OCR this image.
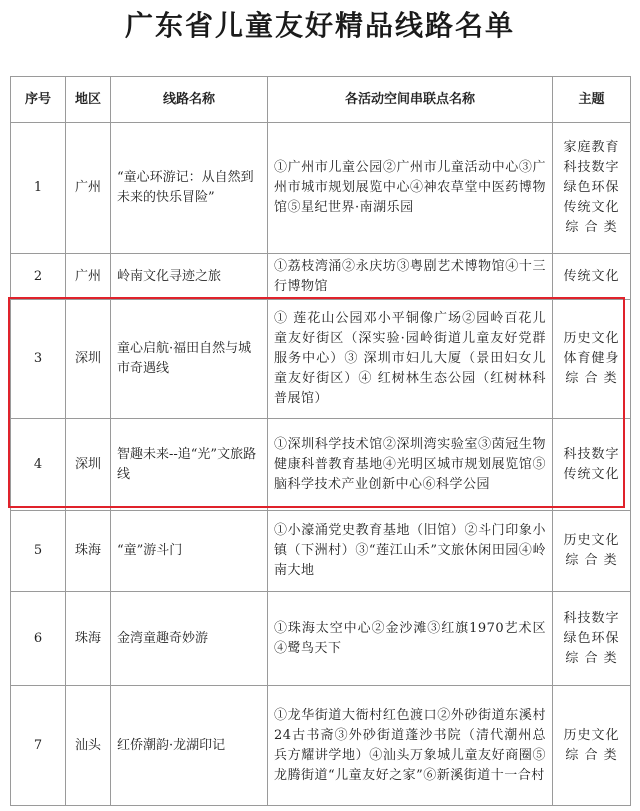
广东省儿童友好精品线路名单
序号	地区	线路名称	各活动空间串联点名称	主题
1	广州	“童心环游记：从自然到未来的快乐冒险”	①广州市儿童公园②广州市儿童活动中心③广州市城市规划展览中心④神农草堂中医药博物馆⑤星纪世界·南湖乐园	家庭教育
科技数字
绿色环保
传统文化
综 合 类

2	广州	岭南文化寻迹之旅	①荔枝湾涌②永庆坊③粤剧艺术博物馆④十三行博物馆	传统文化

3	深圳	童心启航·福田自然与城市奇遇线	① 莲花山公园邓小平铜像广场②园岭百花儿童友好街区（深实验·园岭街道儿童友好党群服务中心）③ 深圳市妇儿大厦（景田妇女儿童友好街区）④ 红树林生态公园（红树林科普展馆）	历史文化
体育健身
综 合 类

4	深圳	智趣未来--追“光”文旅路线	①深圳科学技术馆②深圳湾实验室③茵冠生物健康科普教育基地④光明区城市规划展览馆⑤脑科学技术产业创新中心⑥科学公园	科技数字
传统文化

5	珠海	“童”游斗门	①小濠涌党史教育基地（旧馆）②斗门印象小镇（下洲村）③“莲江山禾”文旅休闲田园④岭南大地	历史文化
综 合 类

6	珠海	金湾童趣奇妙游	①珠海太空中心②金沙滩③红旗1970艺术区④鹭鸟天下	科技数字
绿色环保
综 合 类

7	汕头	红侨潮韵·龙湖印记	①龙华街道大衙村红色渡口②外砂街道东溪村24古书斋③外砂街道蓬沙书院（清代潮州总兵方耀讲学地）④汕头万象城儿童友好商圈⑤龙腾街道“儿童友好之家”⑥新溪街道十一合村	历史文化
综 合 类
